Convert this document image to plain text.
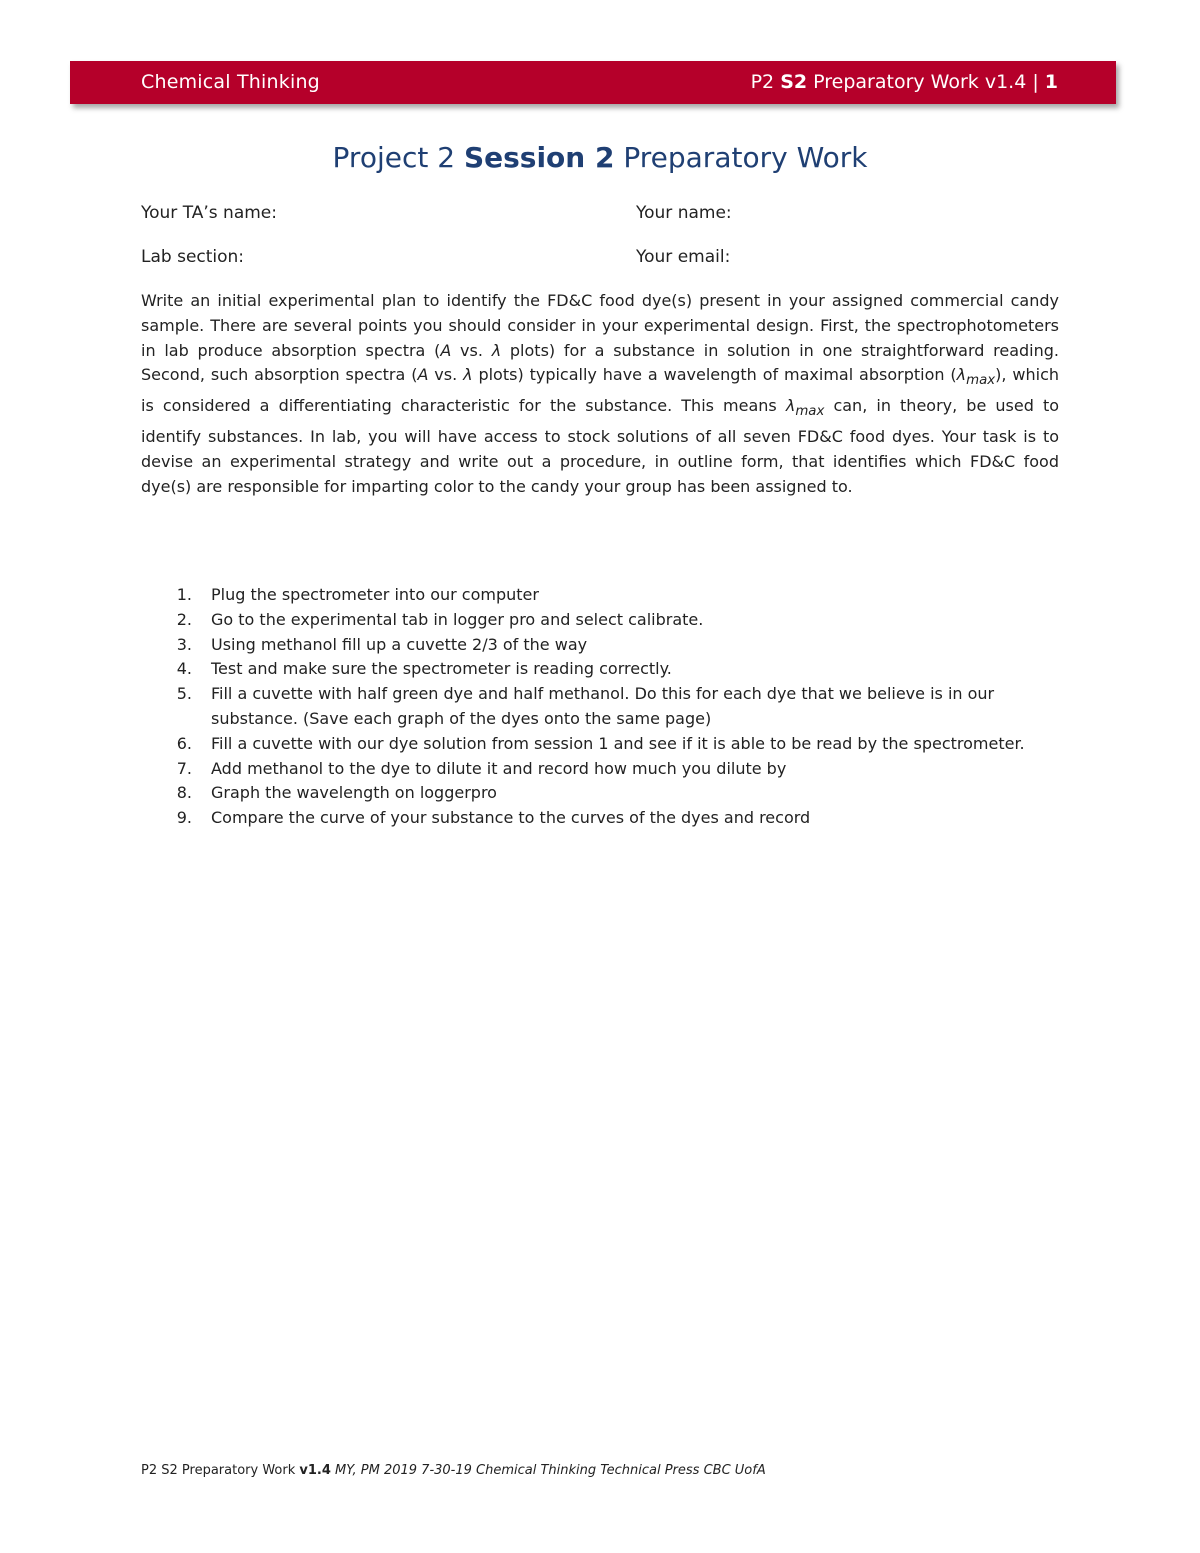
Chemical Thinking	P2 S2 Preparatory Work v1.4 | 1
Project 2 Session 2 Preparatory Work
Your TA’s name:	Your name:
Lab section:	Your email:
Write an initial experimental plan to identify the FD&C food dye(s) present in your assigned commercial candy sample. There are several points you should consider in your experimental design. First, the spectrophotometers in lab produce absorption spectra (A vs. λ plots) for a substance in solution in one straightforward reading. Second, such absorption spectra (A vs. λ plots) typically have a wavelength of maximal absorption $(\lambda_{max})$, which is considered a differentiating characteristic for the substance. This means $\lambda_{max}$ can, in theory, be used to identify substances. In lab, you will have access to stock solutions of all seven FD&C food dyes. Your task is to devise an experimental strategy and write out a procedure, in outline form, that identifies which FD&C food dye(s) are responsible for imparting color to the candy your group has been assigned to.
1. Plug the spectrometer into our computer
2. Go to the experimental tab in logger pro and select calibrate.
3. Using methanol fill up a cuvette 2/3 of the way
4. Test and make sure the spectrometer is reading correctly.
5. Fill a cuvette with half green dye and half methanol. Do this for each dye that we believe is in our substance. (Save each graph of the dyes onto the same page)
6. Fill a cuvette with our dye solution from session 1 and see if it is able to be read by the spectrometer.
7. Add methanol to the dye to dilute it and record how much you dilute by
8. Graph the wavelength on loggerpro
9. Compare the curve of your substance to the curves of the dyes and record
P2 S2 Preparatory Work v1.4 MY, PM 2019 7-30-19 Chemical Thinking Technical Press CBC UofA
